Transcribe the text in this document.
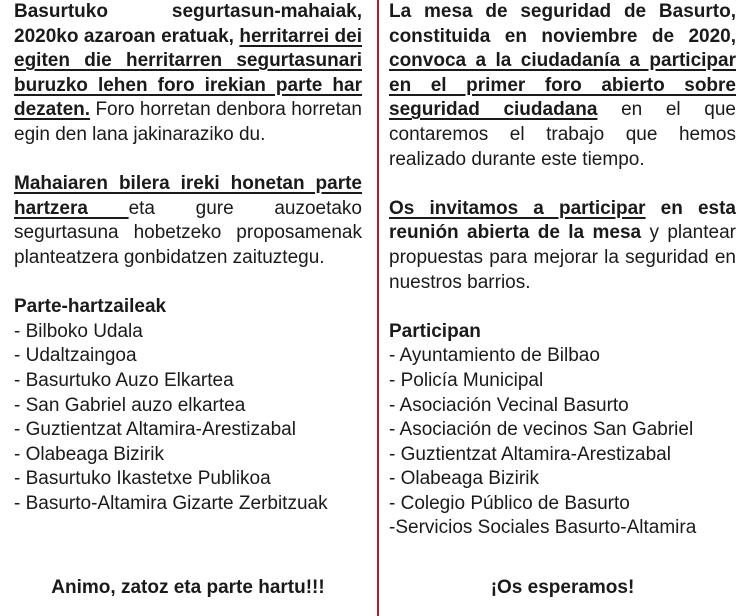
Basurtuko segurtasun-mahaiak, 2020ko azaroan eratuak, herritarrei dei egiten die herritarren segurtasunari buruzko lehen foro irekian parte har dezaten. Foro horretan denbora horretan egin den lana jakinaraziko du.

Mahaiaren bilera ireki honetan parte hartzera eta gure auzoetako segurtasuna hobetzeko proposamenak planteatzera gonbidatzen zaituztegu.

Parte-hartzaileak

- Bilboko Udala
- Udaltzaingoa
- Basurtuko Auzo Elkartea
- San Gabriel auzo elkartea
- Guztientzat Altamira-Arestizabal
- Olabeaga Bizirik
- Basurtuko Ikastetxe Publikoa
- Basurto-Altamira Gizarte Zerbitzuak

La mesa de seguridad de Basurto, constituida en noviembre de 2020, convoca a la ciudadanía a participar en el primer foro abierto sobre seguridad ciudadana en el que contaremos el trabajo que hemos realizado durante este tiempo.

Os invitamos a participar en esta reunión abierta de la mesa y plantear propuestas para mejorar la seguridad en nuestros barrios.

Participan

- Ayuntamiento de Bilbao
- Policía Municipal
- Asociación Vecinal Basurto
- Asociación de vecinos San Gabriel
- Guztientzat Altamira-Arestizabal
- Olabeaga Bizirik
- Colegio Público de Basurto
-Servicios Sociales Basurto-Altamira
Animo, zatoz eta parte hartu!!!	¡Os esperamos!
